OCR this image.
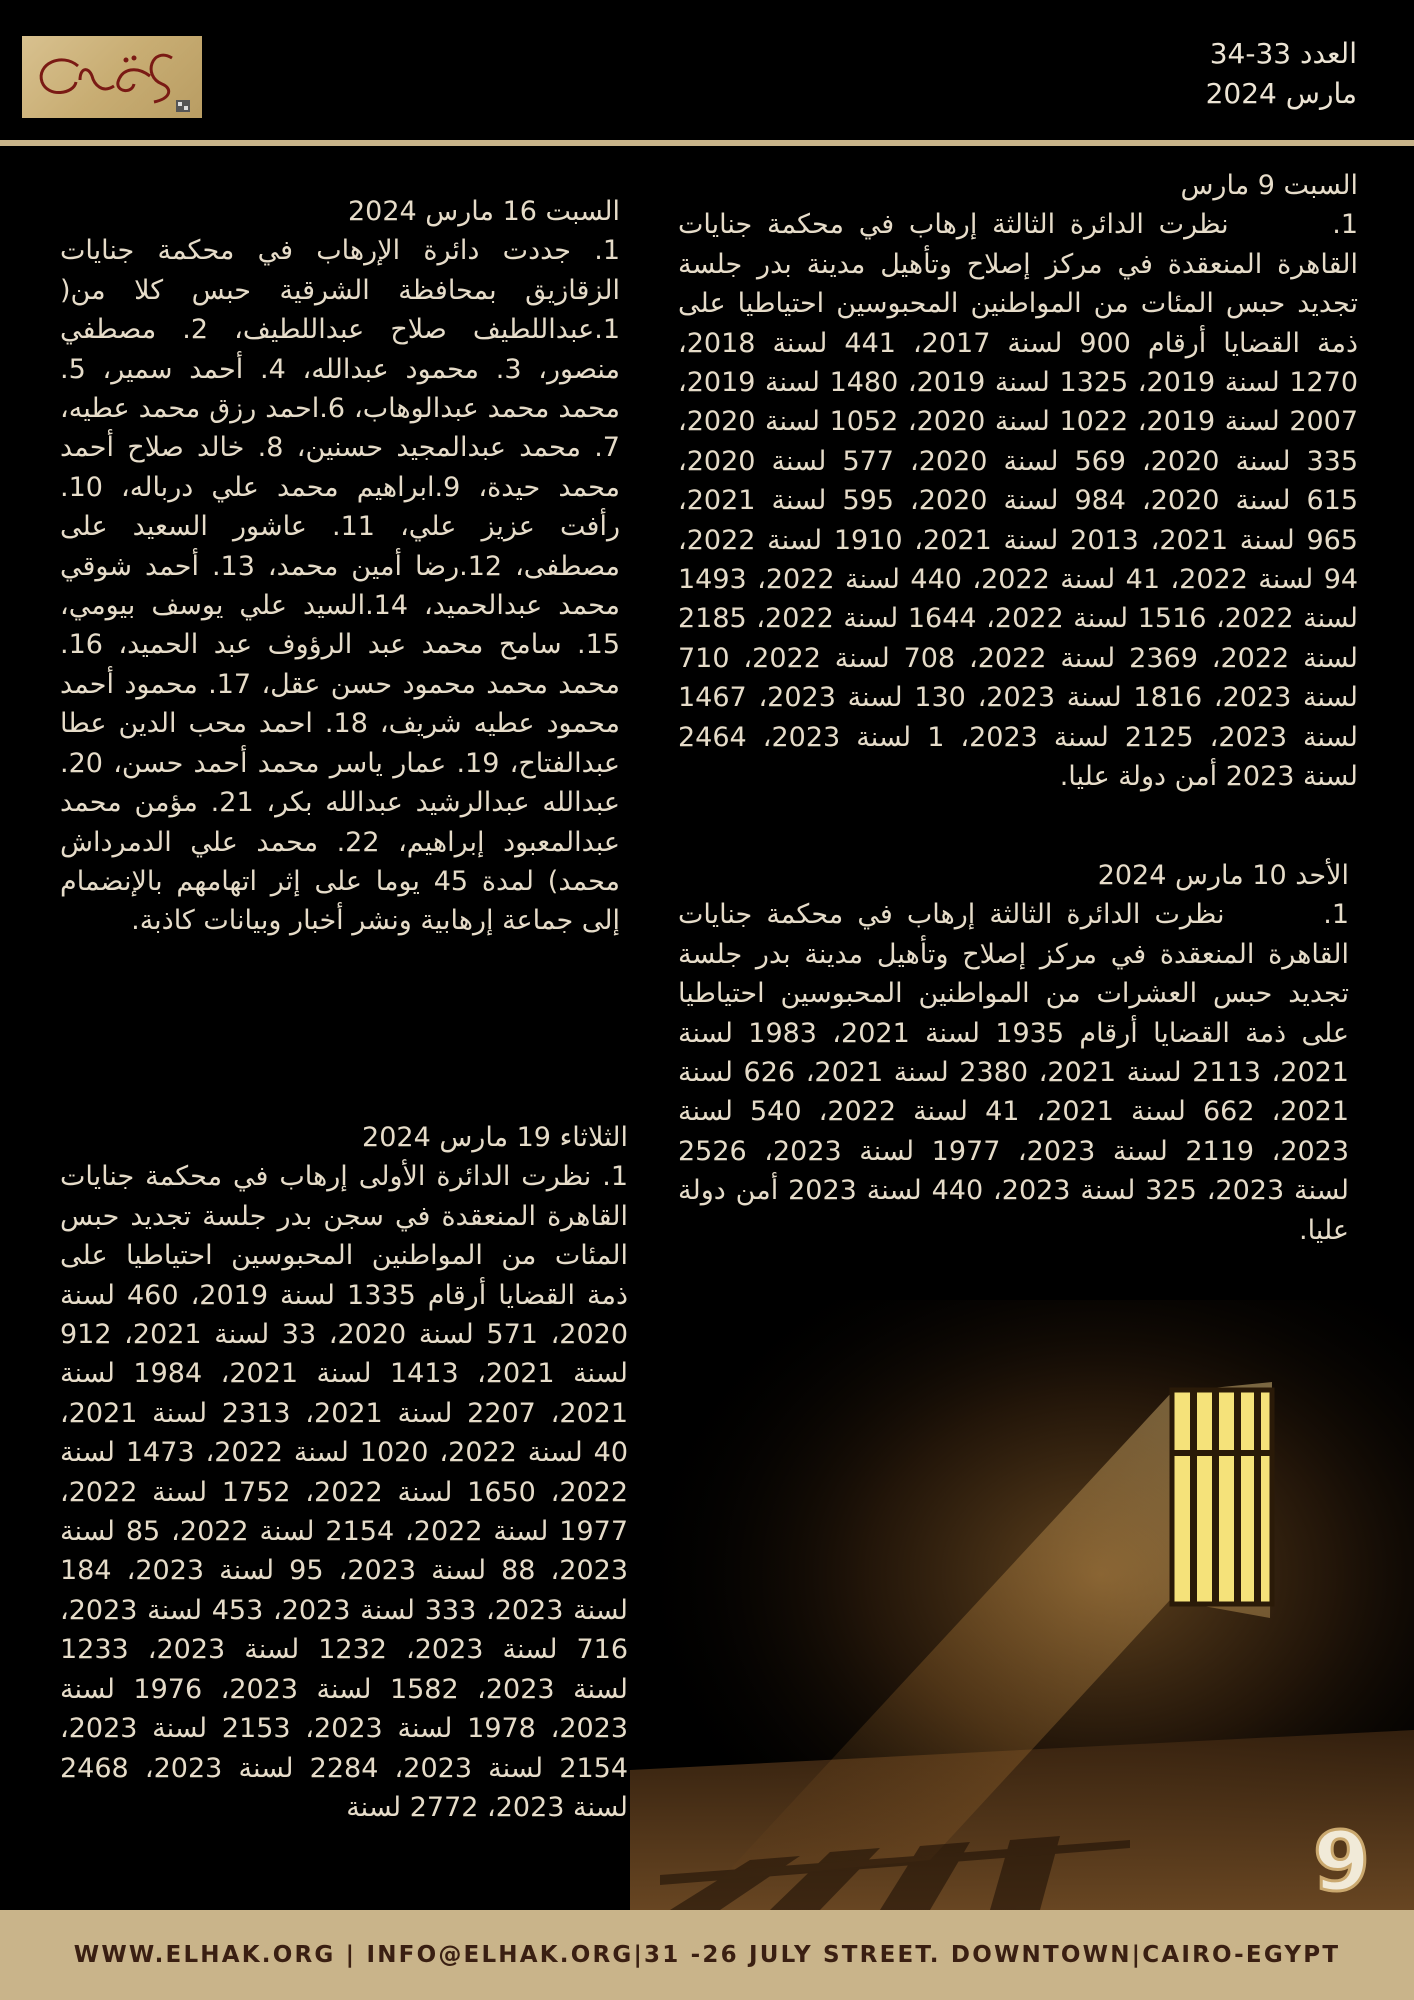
العدد 33-34
مارس 2024
السبت 9 مارس

1.       نظرت الدائرة الثالثة إرهاب في محكمة جنايات القاهرة المنعقدة في مركز إصلاح وتأهيل مدينة بدر جلسة تجديد حبس المئات من المواطنين المحبوسين احتياطيا على ذمة القضايا أرقام 900 لسنة 2017، 441 لسنة 2018، 1270 لسنة 2019، 1325 لسنة 2019، 1480 لسنة 2019، 2007 لسنة 2019، 1022 لسنة 2020، 1052 لسنة 2020، 335 لسنة 2020، 569 لسنة 2020، 577 لسنة 2020، 615 لسنة 2020، 984 لسنة 2020، 595 لسنة 2021، 965 لسنة 2021، 2013 لسنة 2021، 1910 لسنة 2022، 94 لسنة 2022، 41 لسنة 2022، 440 لسنة 2022، 1493 لسنة 2022، 1516 لسنة 2022، 1644 لسنة 2022، 2185 لسنة 2022، 2369 لسنة 2022، 708 لسنة 2022، 710 لسنة 2023، 1816 لسنة 2023، 130 لسنة 2023، 1467 لسنة 2023، 2125 لسنة 2023، 1 لسنة 2023، 2464 لسنة 2023 أمن دولة عليا.

الأحد 10 مارس 2024

1.       نظرت الدائرة الثالثة إرهاب في محكمة جنايات القاهرة المنعقدة في مركز إصلاح وتأهيل مدينة بدر جلسة تجديد حبس العشرات من المواطنين المحبوسين احتياطيا على ذمة القضايا أرقام 1935 لسنة 2021، 1983 لسنة 2021، 2113 لسنة 2021، 2380 لسنة 2021، 626 لسنة 2021، 662 لسنة 2021، 41 لسنة 2022، 540 لسنة 2023، 2119 لسنة 2023، 1977 لسنة 2023، 2526 لسنة 2023، 325 لسنة 2023، 440 لسنة 2023 أمن دولة عليا.

السبت 16 مارس 2024

1. جددت دائرة الإرهاب في محكمة جنايات الزقازيق بمحافظة الشرقية حبس كلا من( 1.عبداللطيف صلاح عبداللطيف، 2. مصطفي منصور، 3. محمود عبدالله، 4. أحمد سمير، 5. محمد محمد عبدالوهاب، 6.احمد رزق محمد عطيه، 7. محمد عبدالمجيد حسنين، 8. خالد صلاح أحمد محمد حيدة، 9.ابراهيم محمد علي درباله، 10. رأفت عزيز علي، 11. عاشور السعيد على مصطفى، 12.رضا أمين محمد، 13. أحمد شوقي محمد عبدالحميد، 14.السيد علي يوسف بيومي، 15. سامح محمد عبد الرؤوف عبد الحميد، 16. محمد محمد محمود حسن عقل، 17. محمود أحمد محمود عطيه شريف، 18. احمد محب الدين عطا عبدالفتاح، 19. عمار ياسر محمد أحمد حسن، 20. عبدالله عبدالرشيد عبدالله بكر، 21. مؤمن محمد عبدالمعبود إبراهيم، 22. محمد علي الدمرداش محمد) لمدة 45 يوما على إثر اتهامهم بالإنضمام إلى جماعة إرهابية ونشر أخبار وبيانات كاذبة.

الثلاثاء 19 مارس 2024

1. نظرت الدائرة الأولى إرهاب في محكمة جنايات القاهرة المنعقدة في سجن بدر جلسة تجديد حبس المئات من المواطنين المحبوسين احتياطيا على ذمة القضايا أرقام 1335 لسنة 2019، 460 لسنة 2020، 571 لسنة 2020، 33 لسنة 2021، 912 لسنة 2021، 1413 لسنة 2021، 1984 لسنة 2021، 2207 لسنة 2021، 2313 لسنة 2021، 40 لسنة 2022، 1020 لسنة 2022، 1473 لسنة 2022، 1650 لسنة 2022، 1752 لسنة 2022، 1977 لسنة 2022، 2154 لسنة 2022، 85 لسنة 2023، 88 لسنة 2023، 95 لسنة 2023، 184 لسنة 2023، 333 لسنة 2023، 453 لسنة 2023، 716 لسنة 2023، 1232 لسنة 2023، 1233 لسنة 2023، 1582 لسنة 2023، 1976 لسنة 2023، 1978 لسنة 2023، 2153 لسنة 2023، 2154 لسنة 2023، 2284 لسنة 2023، 2468 لسنة 2023، 2772 لسنة

9
WWW.ELHAK.ORG | INFO@ELHAK.ORG|31 -26 JULY STREET. DOWNTOWN|CAIRO-EGYPT
